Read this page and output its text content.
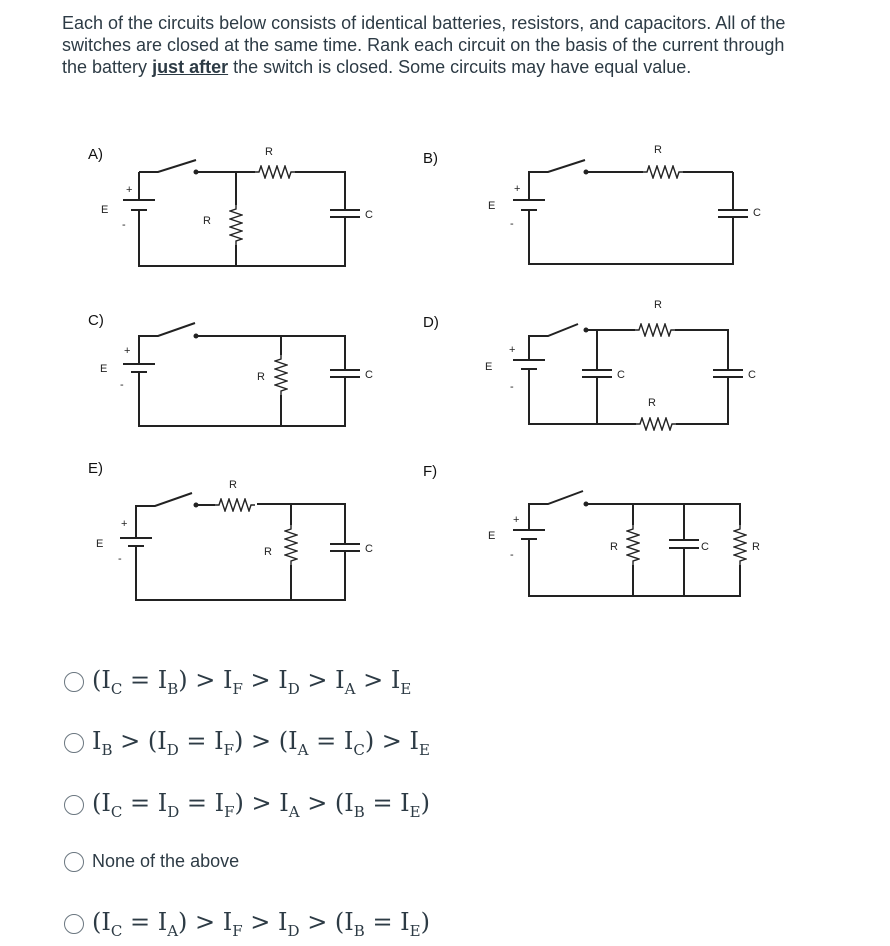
Each of the circuits below consists of identical batteries, resistors, and capacitors. All of the switches are closed at the same time. Rank each circuit on the basis of the current through the battery just after the switch is closed. Some circuits may have equal value.
A)	B)
C)	D)
E)	F)
+
E
-
R
R	C
+
E
-
R
C
+
E
-
R	C
+
E
-
R
C	C
R
+
E
-
R
R	C
+
E
-
R	C	R
$(I_C = I_B) > I_F > I_D > I_A > I_E$
$I_B > (I_D = I_F) > (I_A = I_C) > I_E$
$(I_C = I_D = I_F) > I_A > (I_B = I_E)$
None of the above
$(I_C = I_A) > I_F > I_D > (I_B = I_E)$
